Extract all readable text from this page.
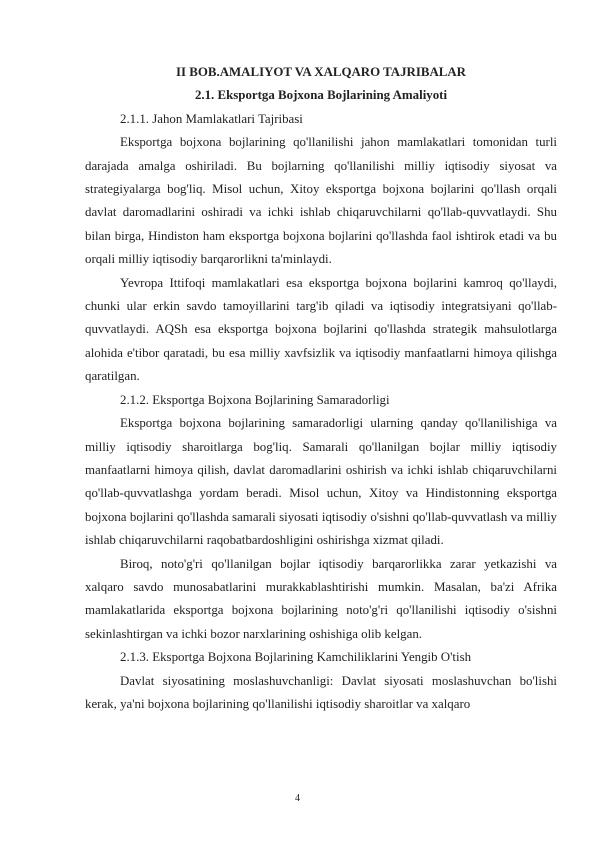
II BOB.AMALIYOT VA XALQARO TAJRIBALAR

2.1. Eksportga Bojxona Bojlarining Amaliyoti

2.1.1. Jahon Mamlakatlari Tajribasi

Eksportga bojxona bojlarining qo'llanilishi jahon mamlakatlari tomonidan turli darajada amalga oshiriladi. Bu bojlarning qo'llanilishi milliy iqtisodiy siyosat va strategiyalarga bog'liq. Misol uchun, Xitoy eksportga bojxona bojlarini qo'llash orqali davlat daromadlarini oshiradi va ichki ishlab chiqaruvchilarni qo'llab-quvvatlaydi. Shu bilan birga, Hindiston ham eksportga bojxona bojlarini qo'llashda faol ishtirok etadi va bu orqali milliy iqtisodiy barqarorlikni ta'minlaydi.

Yevropa Ittifoqi mamlakatlari esa eksportga bojxona bojlarini kamroq qo'llaydi, chunki ular erkin savdo tamoyillarini targ'ib qiladi va iqtisodiy integratsiyani qo'llab-quvvatlaydi. AQSh esa eksportga bojxona bojlarini qo'llashda strategik mahsulotlarga alohida e'tibor qaratadi, bu esa milliy xavfsizlik va iqtisodiy manfaatlarni himoya qilishga qaratilgan.

2.1.2. Eksportga Bojxona Bojlarining Samaradorligi

Eksportga bojxona bojlarining samaradorligi ularning qanday qo'llanilishiga va milliy iqtisodiy sharoitlarga bog'liq. Samarali qo'llanilgan bojlar milliy iqtisodiy manfaatlarni himoya qilish, davlat daromadlarini oshirish va ichki ishlab chiqaruvchilarni qo'llab-quvvatlashga yordam beradi. Misol uchun, Xitoy va Hindistonning eksportga bojxona bojlarini qo'llashda samarali siyosati iqtisodiy o'sishni qo'llab-quvvatlash va milliy ishlab chiqaruvchilarni raqobatbardoshligini oshirishga xizmat qiladi.

Biroq, noto'g'ri qo'llanilgan bojlar iqtisodiy barqarorlikka zarar yetkazishi va xalqaro savdo munosabatlarini murakkablashtirishi mumkin. Masalan, ba'zi Afrika mamlakatlarida eksportga bojxona bojlarining noto'g'ri qo'llanilishi iqtisodiy o'sishni sekinlashtirgan va ichki bozor narxlarining oshishiga olib kelgan.

2.1.3. Eksportga Bojxona Bojlarining Kamchiliklarini Yengib O'tish

Davlat siyosatining moslashuvchanligi: Davlat siyosati moslashuvchan bo'lishi kerak, ya'ni bojxona bojlarining qo'llanilishi iqtisodiy sharoitlar va xalqaro

4
